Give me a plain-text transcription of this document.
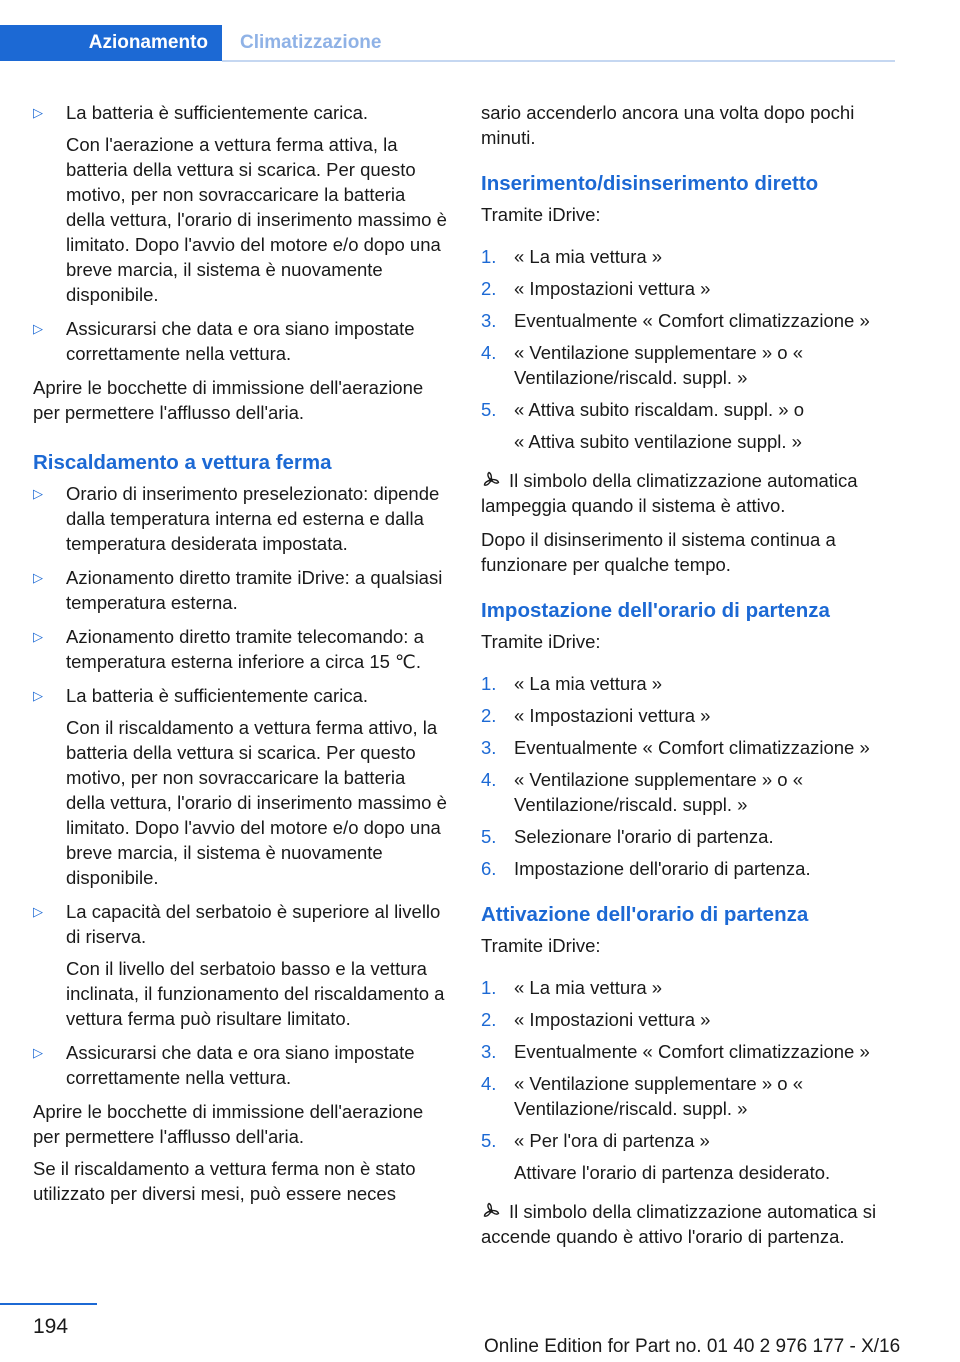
Azionamento	Climatizzazione
▷ La batteria è sufficientemente carica.
Con l'aerazione a vettura ferma attiva, la batteria della vettura si scarica. Per questo motivo, per non sovraccaricare la batteria della vettura, l'orario di inserimento massimo è limitato. Dopo l'avvio del motore e/o dopo una breve marcia, il sistema è nuovamente disponibile.
▷ Assicurarsi che data e ora siano impostate correttamente nella vettura.

Aprire le bocchette di immissione dell'aerazione per permettere l'afflusso dell'aria.

Riscaldamento a vettura ferma
▷ Orario di inserimento preselezionato: dipende dalla temperatura interna ed esterna e dalla temperatura desiderata impostata.
▷ Azionamento diretto tramite iDrive: a qualsiasi temperatura esterna.
▷ Azionamento diretto tramite telecomando: a temperatura esterna inferiore a circa 15 ℃.
▷ La batteria è sufficientemente carica.
Con il riscaldamento a vettura ferma attivo, la batteria della vettura si scarica. Per questo motivo, per non sovraccaricare la batteria della vettura, l'orario di inserimento massimo è limitato. Dopo l'avvio del motore e/o dopo una breve marcia, il sistema è nuovamente disponibile.
▷ La capacità del serbatoio è superiore al livello di riserva.
Con il livello del serbatoio basso e la vettura inclinata, il funzionamento del riscaldamento a vettura ferma può risultare limitato.
▷ Assicurarsi che data e ora siano impostate correttamente nella vettura.

Aprire le bocchette di immissione dell'aerazione per permettere l'afflusso dell'aria.

Se il riscaldamento a vettura ferma non è stato utilizzato per diversi mesi, può essere neces

sario accenderlo ancora una volta dopo pochi minuti.

Inserimento/disinserimento diretto

Tramite iDrive:

1. « La mia vettura »
2. « Impostazioni vettura »
3. Eventualmente « Comfort climatizzazione »
4. « Ventilazione supplementare » o « Ventilazione/riscald. suppl. »
5. « Attiva subito riscaldam. suppl. » o
« Attiva subito ventilazione suppl. »
Il simbolo della climatizzazione automatica lampeggia quando il sistema è attivo.

Dopo il disinserimento il sistema continua a funzionare per qualche tempo.

Impostazione dell'orario di partenza

Tramite iDrive:

1. « La mia vettura »
2. « Impostazioni vettura »
3. Eventualmente « Comfort climatizzazione »
4. « Ventilazione supplementare » o « Ventilazione/riscald. suppl. »
5. Selezionare l'orario di partenza.
6. Impostazione dell'orario di partenza.
Attivazione dell'orario di partenza

Tramite iDrive:

1. « La mia vettura »
2. « Impostazioni vettura »
3. Eventualmente « Comfort climatizzazione »
4. « Ventilazione supplementare » o « Ventilazione/riscald. suppl. »
5. « Per l'ora di partenza »
Attivare l'orario di partenza desiderato.
Il simbolo della climatizzazione automatica si accende quando è attivo l'orario di partenza.
194
Online Edition for Part no. 01 40 2 976 177 - X/16
